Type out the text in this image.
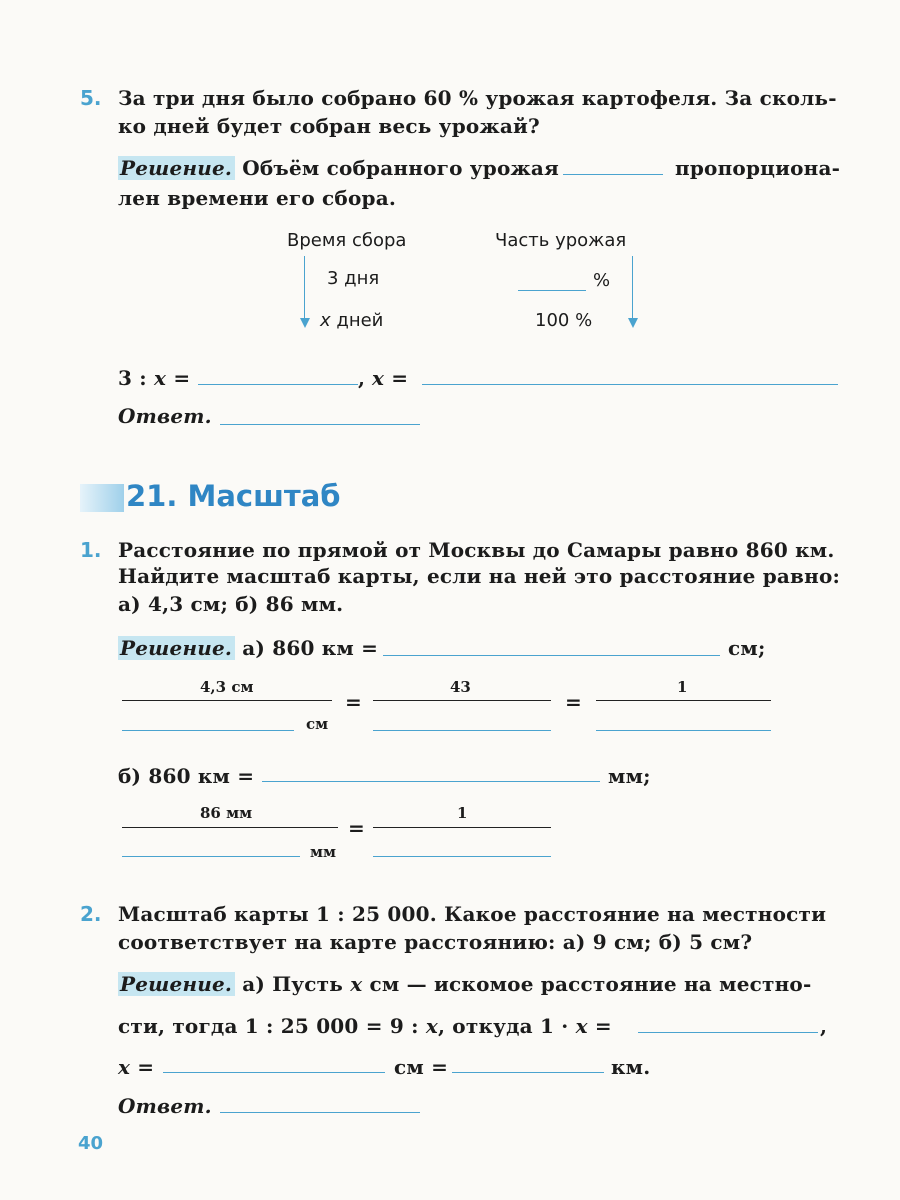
5. За три дня было собрано 60 % урожая картофеля. За сколь-
ко дней будет собран весь урожай?
Решение. Объём собранного урожая	пропорциона-
лен времени его сбора.
Время сбора	Часть урожая
3 дня	%
x дней	100 %
3 : x =	, x =
Ответ.
21. Масштаб
1. Расстояние по прямой от Москвы до Самары равно 860 км.
Найдите масштаб карты, если на ней это расстояние равно:
а) 4,3 см; б) 86 мм.
Решение. а) 860 км =	см;
4,3 см
см
=
43
=
1
б) 860 км =	мм;
86 мм
мм
=
1
2. Масштаб карты 1 : 25 000. Какое расстояние на местности
соответствует на карте расстоянию: а) 9 см; б) 5 см?
Решение. а) Пусть x см — искомое расстояние на местно-
сти, тогда 1 : 25 000 = 9 : x, откуда 1 · x =	,
x =	см =	км.
Ответ.
40
